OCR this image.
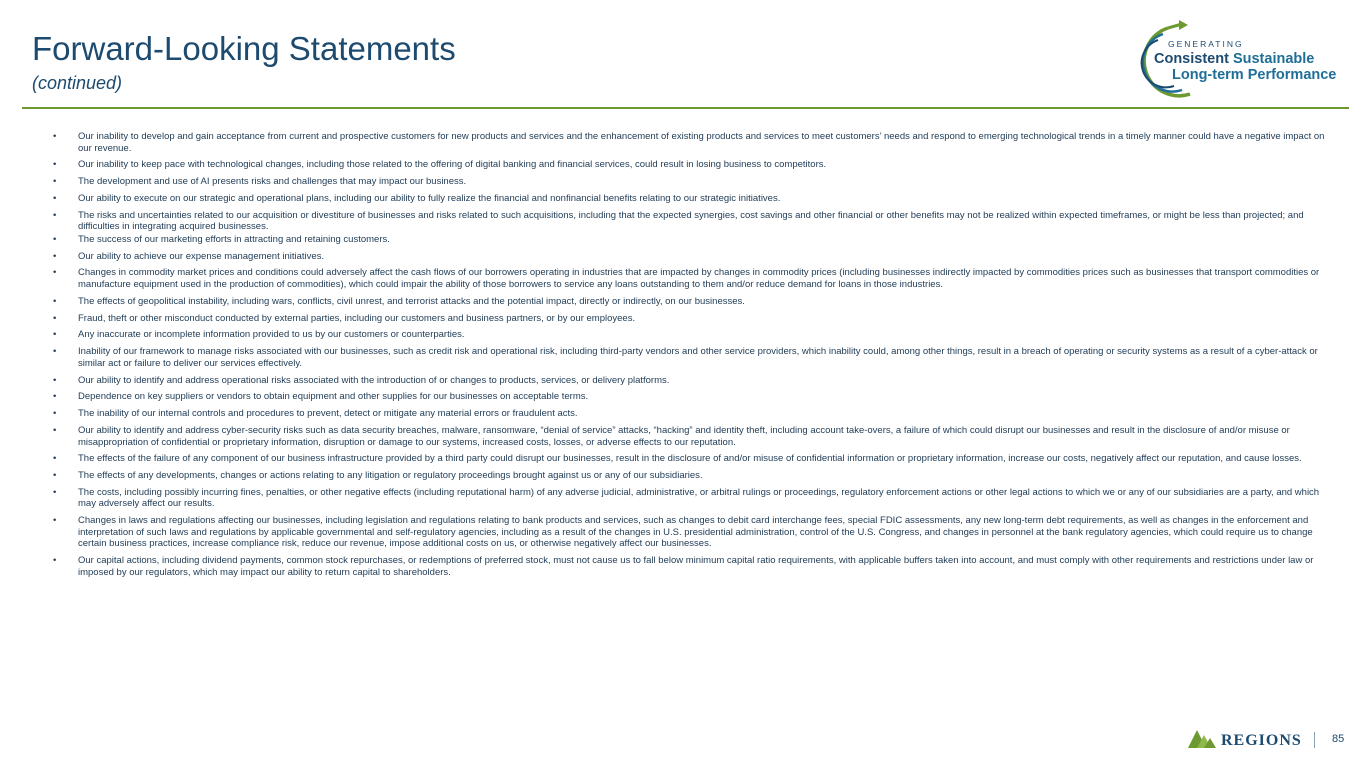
Forward-Looking Statements
(continued)
GENERATING
Consistent Sustainable
Long-term Performance
• Our inability to develop and gain acceptance from current and prospective customers for new products and services and the enhancement of existing products and services to meet customers’ needs and respond to emerging technological trends in a timely manner could have a negative impact on our revenue.
• Our inability to keep pace with technological changes, including those related to the offering of digital banking and financial services, could result in losing business to competitors.
• The development and use of AI presents risks and challenges that may impact our business.
• Our ability to execute on our strategic and operational plans, including our ability to fully realize the financial and nonfinancial benefits relating to our strategic initiatives.
• The risks and uncertainties related to our acquisition or divestiture of businesses and risks related to such acquisitions, including that the expected synergies, cost savings and other financial or other benefits may not be realized within expected timeframes, or might be less than projected; and difficulties in integrating acquired businesses.
• The success of our marketing efforts in attracting and retaining customers.
• Our ability to achieve our expense management initiatives.
• Changes in commodity market prices and conditions could adversely affect the cash flows of our borrowers operating in industries that are impacted by changes in commodity prices (including businesses indirectly impacted by commodities prices such as businesses that transport commodities or manufacture equipment used in the production of commodities), which could impair the ability of those borrowers to service any loans outstanding to them and/or reduce demand for loans in those industries.
• The effects of geopolitical instability, including wars, conflicts, civil unrest, and terrorist attacks and the potential impact, directly or indirectly, on our businesses.
• Fraud, theft or other misconduct conducted by external parties, including our customers and business partners, or by our employees.
• Any inaccurate or incomplete information provided to us by our customers or counterparties.
• Inability of our framework to manage risks associated with our businesses, such as credit risk and operational risk, including third-party vendors and other service providers, which inability could, among other things, result in a breach of operating or security systems as a result of a cyber-attack or similar act or failure to deliver our services effectively.
• Our ability to identify and address operational risks associated with the introduction of or changes to products, services, or delivery platforms.
• Dependence on key suppliers or vendors to obtain equipment and other supplies for our businesses on acceptable terms.
• The inability of our internal controls and procedures to prevent, detect or mitigate any material errors or fraudulent acts.
• Our ability to identify and address cyber-security risks such as data security breaches, malware, ransomware, “denial of service” attacks, “hacking” and identity theft, including account take-overs, a failure of which could disrupt our businesses and result in the disclosure of and/or misuse or misappropriation of confidential or proprietary information, disruption or damage to our systems, increased costs, losses, or adverse effects to our reputation.
• The effects of the failure of any component of our business infrastructure provided by a third party could disrupt our businesses, result in the disclosure of and/or misuse of confidential information or proprietary information, increase our costs, negatively affect our reputation, and cause losses.
• The effects of any developments, changes or actions relating to any litigation or regulatory proceedings brought against us or any of our subsidiaries.
• The costs, including possibly incurring fines, penalties, or other negative effects (including reputational harm) of any adverse judicial, administrative, or arbitral rulings or proceedings, regulatory enforcement actions or other legal actions to which we or any of our subsidiaries are a party, and which may adversely affect our results.
• Changes in laws and regulations affecting our businesses, including legislation and regulations relating to bank products and services, such as changes to debit card interchange fees, special FDIC assessments, any new long-term debt requirements, as well as changes in the enforcement and interpretation of such laws and regulations by applicable governmental and self-regulatory agencies, including as a result of the changes in U.S. presidential administration, control of the U.S. Congress, and changes in personnel at the bank regulatory agencies, which could require us to change certain business practices, increase compliance risk, reduce our revenue, impose additional costs on us, or otherwise negatively affect our businesses.
• Our capital actions, including dividend payments, common stock repurchases, or redemptions of preferred stock, must not cause us to fall below minimum capital ratio requirements, with applicable buffers taken into account, and must comply with other requirements and restrictions under law or imposed by our regulators, which may impact our ability to return capital to shareholders.
REGIONS	85
